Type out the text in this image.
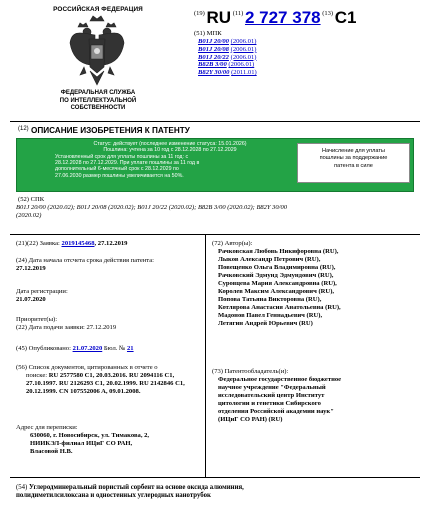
РОССИЙСКАЯ ФЕДЕРАЦИЯ
ФЕДЕРАЛЬНАЯ СЛУЖБА
ПО ИНТЕЛЛЕКТУАЛЬНОЙ СОБСТВЕННОСТИ
(19) RU (11) 2 727 378 (13) C1
(51) МПК
B01J 20/00 (2006.01)
B01J 20/08 (2006.01)
B01J 20/22 (2006.01)
B82B 3/00 (2006.01)
B82Y 30/00 (2011.01)
$^{(12)}$ ОПИСАНИЕ ИЗОБРЕТЕНИЯ К ПАТЕНТУ
Статус: действует (последнее изменение статуса: 15.01.2026)
Пошлина: учтена за 10 год с 28.12.2028 по 27.12.2029
Установленный срок для уплаты пошлины за 11 год: с
28.12.2028 по 27.12.2029. При уплате пошлины за 11 год в
дополнительный 6-месячный срок с 28.12.2029 по
27.06.2030 размер пошлины увеличивается на 50%.
Начисление для уплаты
пошлины за поддержание
патента в силе
(52) СПК
B01J 20/00 (2020.02); B01J 20/08 (2020.02); B01J 20/22 (2020.02); B82B 3/00 (2020.02); B82Y 30/00
(2020.02)
(21)(22) Заявка: 2019145468, 27.12.2019
(24) Дата начала отсчета срока действия патента:
27.12.2019
Дата регистрации:
21.07.2020
Приоритет(ы):
(22) Дата подачи заявки: 27.12.2019
(45) Опубликовано: 21.07.2020 Бюл. № 21
(56) Список документов, цитированных в отчете о
поиске: RU 2577580 C1, 20.03.2016. RU 2094116 C1, 27.10.1997. RU 2126293 C1, 20.02.1999. RU 2142846 C1, 20.12.1999. CN 107552006 A, 09.01.2008.
Адрес для переписки:
630060, г. Новосибирск, ул. Тимакова, 2,
НИИКЭЛ-филиал ИЦиГ СО РАН,
Власовой Н.В.
(72) Автор(ы):
Рачковская Любовь Никифоровна (RU),
Лыков Александр Петрович (RU),
Повещенко Ольга Владимировна (RU),
Рачковский Эдмунд Эдмундович (RU),
Суровцева Мария Александровна (RU),
Королев Максим Александрович (RU),
Попова Татьяна Викторовна (RU),
Котлярова Анастасия Анатольевна (RU),
Мадонов Павел Геннадьевич (RU),
Летягин Андрей Юрьевич (RU)
(73) Патентообладатель(и):
Федеральное государственное бюджетное
научное учреждение "Федеральный
исследовательский центр Институт
цитологии и генетики Сибирского
отделения Российской академии наук"
(ИЦиГ СО РАН) (RU)
(54) Углеродминеральный пористый сорбент на основе оксида алюминия,
полидиметилсилоксана и одностенных углеродных нанотрубок
